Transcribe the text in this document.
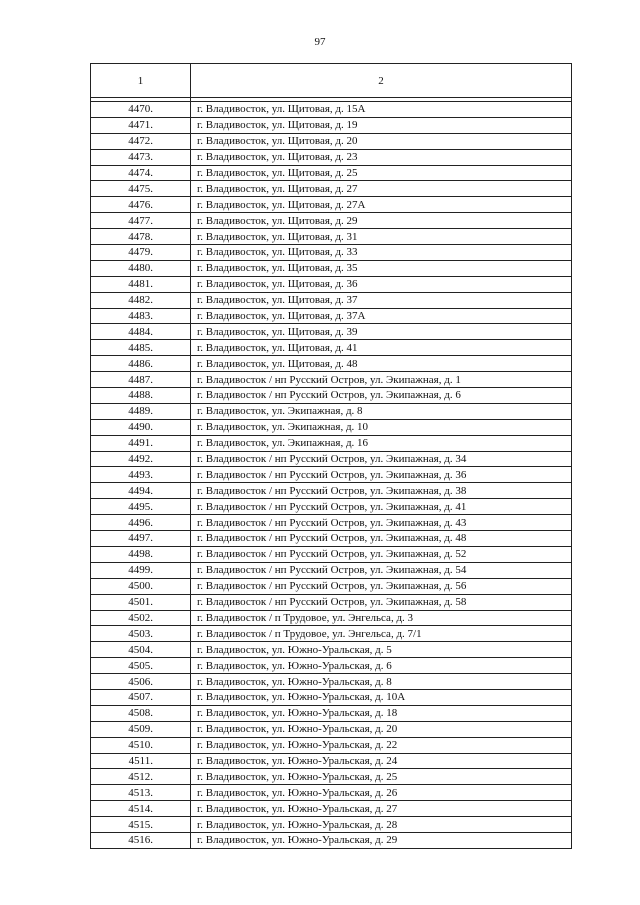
97
1	2

4470.	г. Владивосток, ул. Щитовая, д. 15А
4471.	г. Владивосток, ул. Щитовая, д. 19
4472.	г. Владивосток, ул. Щитовая, д. 20
4473.	г. Владивосток, ул. Щитовая, д. 23
4474.	г. Владивосток, ул. Щитовая, д. 25
4475.	г. Владивосток, ул. Щитовая, д. 27
4476.	г. Владивосток, ул. Щитовая, д. 27А
4477.	г. Владивосток, ул. Щитовая, д. 29
4478.	г. Владивосток, ул. Щитовая, д. 31
4479.	г. Владивосток, ул. Щитовая, д. 33
4480.	г. Владивосток, ул. Щитовая, д. 35
4481.	г. Владивосток, ул. Щитовая, д. 36
4482.	г. Владивосток, ул. Щитовая, д. 37
4483.	г. Владивосток, ул. Щитовая, д. 37А
4484.	г. Владивосток, ул. Щитовая, д. 39
4485.	г. Владивосток, ул. Щитовая, д. 41
4486.	г. Владивосток, ул. Щитовая, д. 48
4487.	г. Владивосток / нп Русский Остров, ул. Экипажная, д. 1
4488.	г. Владивосток / нп Русский Остров, ул. Экипажная, д. 6
4489.	г. Владивосток, ул. Экипажная, д. 8
4490.	г. Владивосток, ул. Экипажная, д. 10
4491.	г. Владивосток, ул. Экипажная, д. 16
4492.	г. Владивосток / нп Русский Остров, ул. Экипажная, д. 34
4493.	г. Владивосток / нп Русский Остров, ул. Экипажная, д. 36
4494.	г. Владивосток / нп Русский Остров, ул. Экипажная, д. 38
4495.	г. Владивосток / нп Русский Остров, ул. Экипажная, д. 41
4496.	г. Владивосток / нп Русский Остров, ул. Экипажная, д. 43
4497.	г. Владивосток / нп Русский Остров, ул. Экипажная, д. 48
4498.	г. Владивосток / нп Русский Остров, ул. Экипажная, д. 52
4499.	г. Владивосток / нп Русский Остров, ул. Экипажная, д. 54
4500.	г. Владивосток / нп Русский Остров, ул. Экипажная, д. 56
4501.	г. Владивосток / нп Русский Остров, ул. Экипажная, д. 58
4502.	г. Владивосток / п Трудовое, ул. Энгельса, д. 3
4503.	г. Владивосток / п Трудовое, ул. Энгельса, д. 7/1
4504.	г. Владивосток, ул. Южно-Уральская, д. 5
4505.	г. Владивосток, ул. Южно-Уральская, д. 6
4506.	г. Владивосток, ул. Южно-Уральская, д. 8
4507.	г. Владивосток, ул. Южно-Уральская, д. 10А
4508.	г. Владивосток, ул. Южно-Уральская, д. 18
4509.	г. Владивосток, ул. Южно-Уральская, д. 20
4510.	г. Владивосток, ул. Южно-Уральская, д. 22
4511.	г. Владивосток, ул. Южно-Уральская, д. 24
4512.	г. Владивосток, ул. Южно-Уральская, д. 25
4513.	г. Владивосток, ул. Южно-Уральская, д. 26
4514.	г. Владивосток, ул. Южно-Уральская, д. 27
4515.	г. Владивосток, ул. Южно-Уральская, д. 28
4516.	г. Владивосток, ул. Южно-Уральская, д. 29
